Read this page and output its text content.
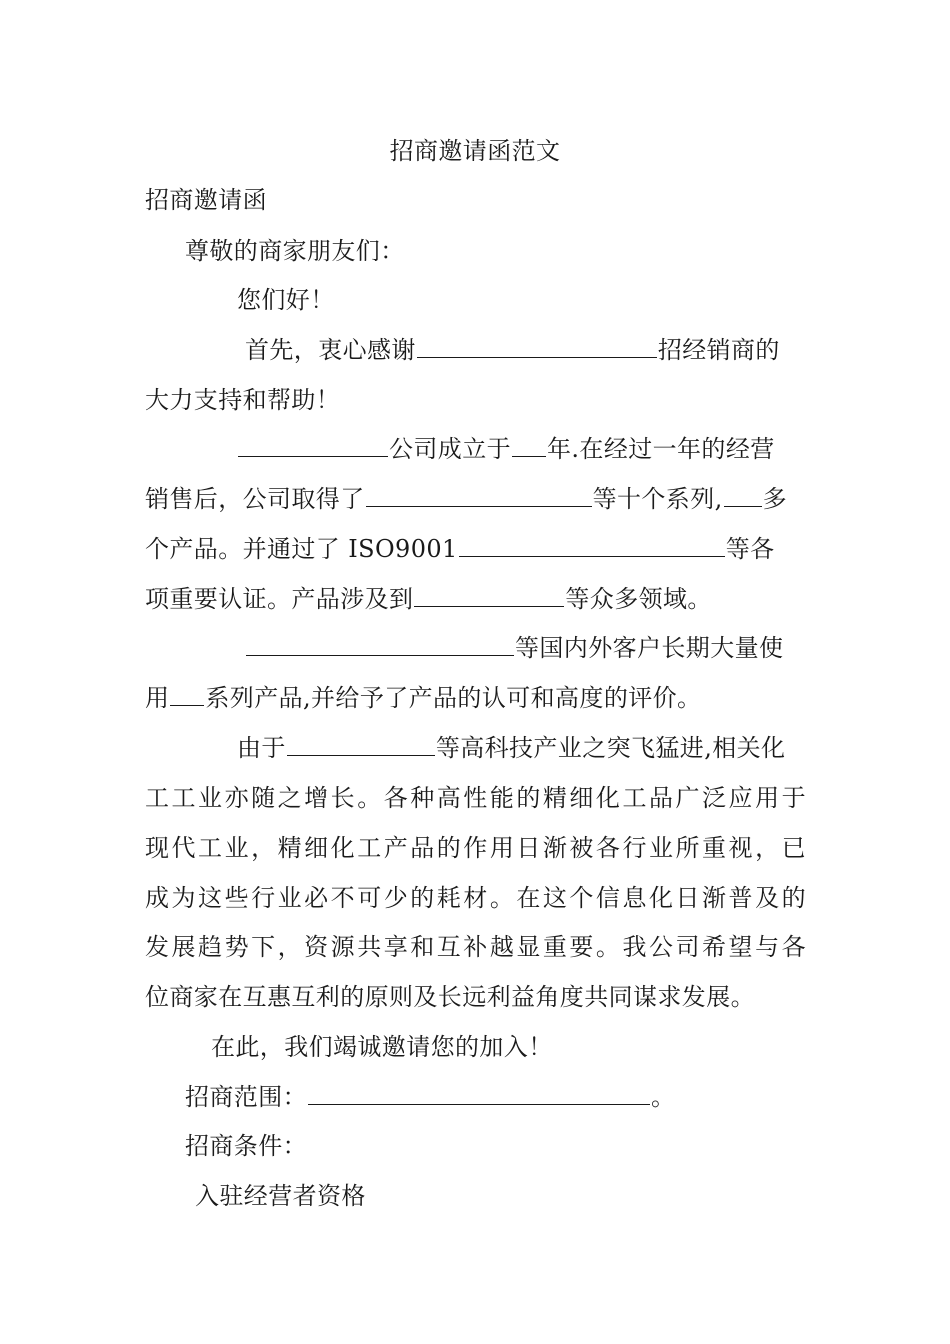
招商邀请函范文
招商邀请函
尊敬的商家朋友们：
您们好！
首先，衷心感谢	招经销商的
大力支持和帮助！
公司成立于 年.在经过一年的经营
销售后，公司取得了	等十个系列, 多
个产品。并通过了 ISO9001	等各
项重要认证。产品涉及到	等众多领域。
等国内外客户长期大量使
用 系列产品,并给予了产品的认可和高度的评价。
由于	等高科技产业之突飞猛进,相关化
工工业亦随之增长。各种高性能的精细化工品广泛应用于
现代工业，精细化工产品的作用日渐被各行业所重视，已
成为这些行业必不可少的耗材。在这个信息化日渐普及的
发展趋势下，资源共享和互补越显重要。我公司希望与各
位商家在互惠互利的原则及长远利益角度共同谋求发展。
在此，我们竭诚邀请您的加入！
招商范围：	。
招商条件：
入驻经营者资格
